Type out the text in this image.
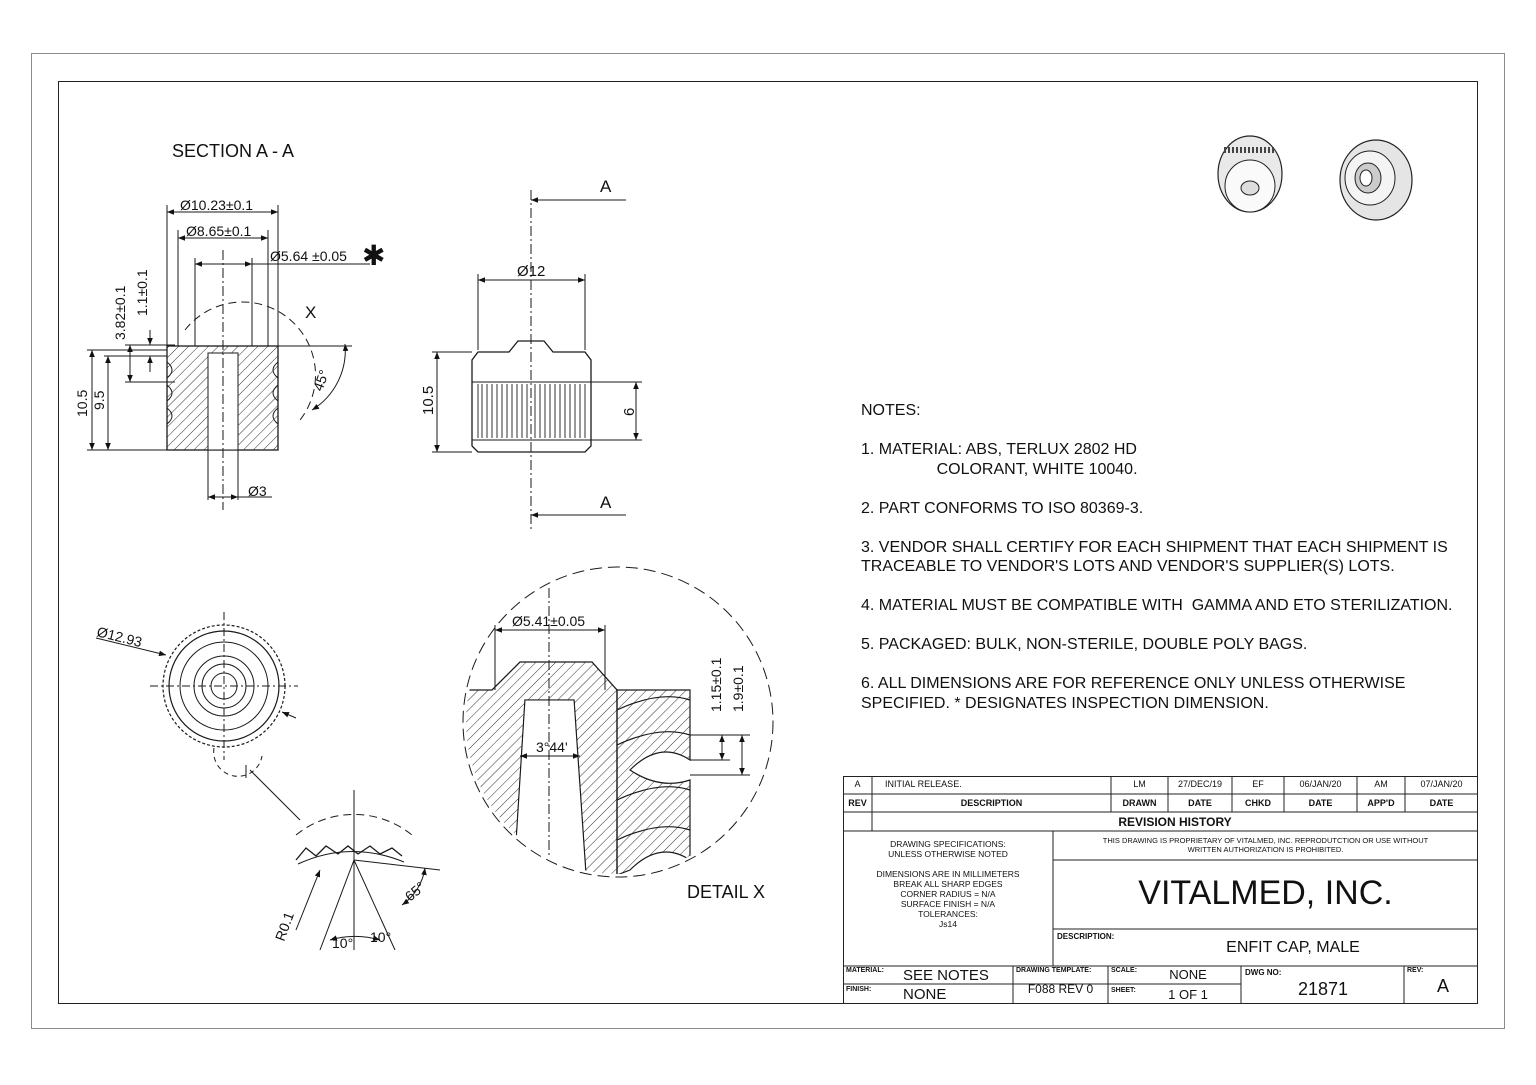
SECTION A - A
Ø10.23±0.1
Ø8.65±0.1
Ø5.64 ±0.05 ✱
X
3.82±0.1 1.1±0.1
10.5 9.5
45°
Ø3
A
A
Ø12
10.5	6
Ø12.93
R0.1	10° 10°
65°
Ø5.41±0.05
1.15±0.1 1.9±0.1
3°44'
DETAIL X
NOTES:
1. MATERIAL: ABS, TERLUX 2802 HD
COLORANT, WHITE 10040.
2. PART CONFORMS TO ISO 80369-3.
3. VENDOR SHALL CERTIFY FOR EACH SHIPMENT THAT EACH SHIPMENT IS
TRACEABLE TO VENDOR'S LOTS AND VENDOR'S SUPPLIER(S) LOTS.
4. MATERIAL MUST BE COMPATIBLE WITH  GAMMA AND ETO STERILIZATION.
5. PACKAGED: BULK, NON-STERILE, DOUBLE POLY BAGS.
6. ALL DIMENSIONS ARE FOR REFERENCE ONLY UNLESS OTHERWISE
SPECIFIED. * DESIGNATES INSPECTION DIMENSION.
A	INITIAL RELEASE.	LM	27/DEC/19	EF	06/JAN/20	AM	07/JAN/20
REV	DESCRIPTION	DRAWN	DATE	CHKD	DATE	APP'D	DATE
REVISION HISTORY
DRAWING SPECIFICATIONS:
UNLESS OTHERWISE NOTED

DIMENSIONS ARE IN MILLIMETERS
BREAK ALL SHARP EDGES
CORNER RADIUS = N/A
SURFACE FINISH = N/A
TOLERANCES:
Js14
THIS DRAWING IS PROPRIETARY OF VITALMED, INC. REPRODUTCTION OR USE WITHOUT
WRITTEN AUTHORIZATION IS PROHIBITED.
VITALMED, INC.
DESCRIPTION:
ENFIT CAP, MALE
MATERIAL: SEE NOTES
FINISH: NONE
DRAWING TEMPLATE:
F088 REV 0
SCALE:	NONE
SHEET:	1 OF 1
DWG NO:
21871
REV:
A
